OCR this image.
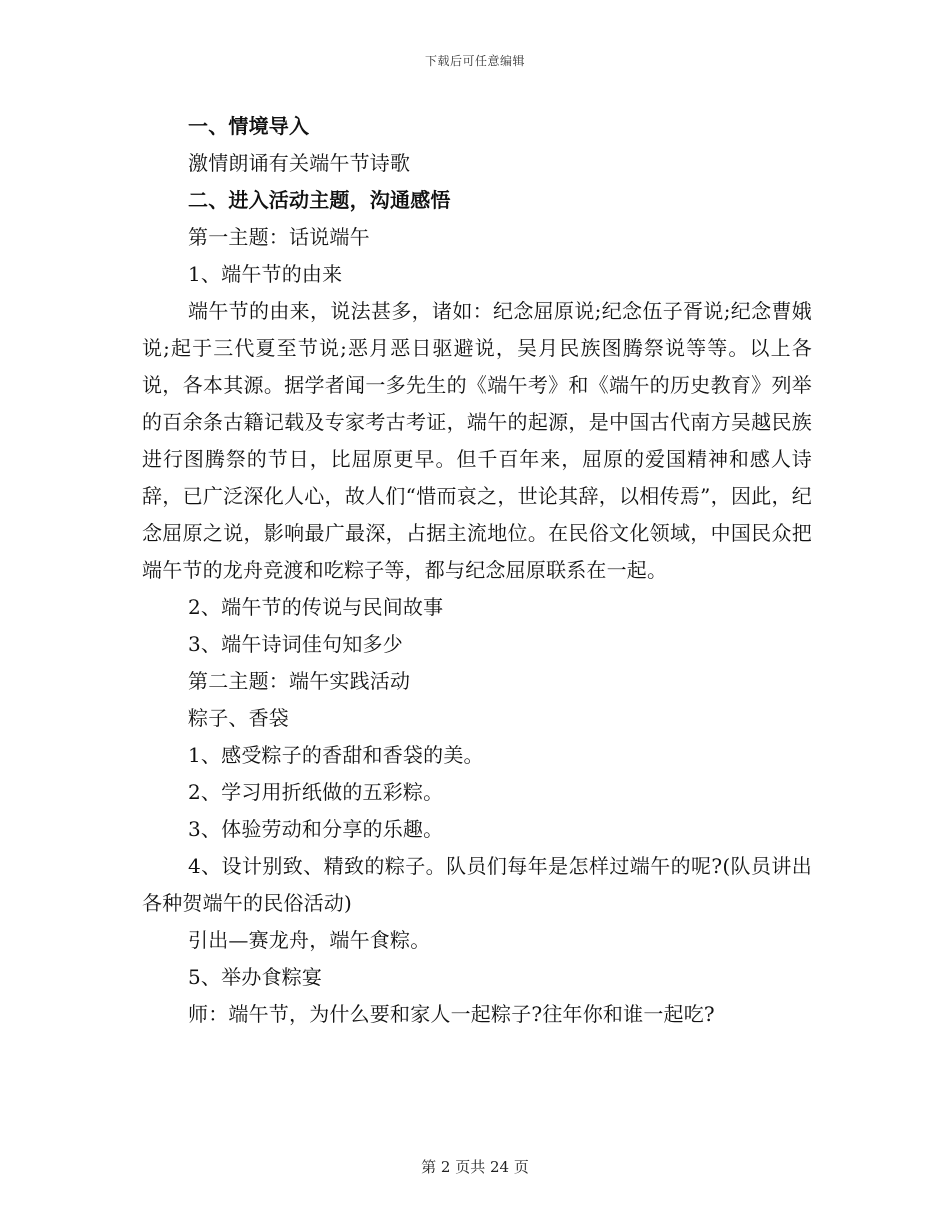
下载后可任意编辑

一、情境导入

激情朗诵有关端午节诗歌

二、进入活动主题，沟通感悟

第一主题：话说端午

1、端午节的由来

端午节的由来，说法甚多，诸如：纪念屈原说;纪念伍子胥说;纪念曹娥说;起于三代夏至节说;恶月恶日驱避说，吴月民族图腾祭说等等。以上各说，各本其源。据学者闻一多先生的《端午考》和《端午的历史教育》列举的百余条古籍记载及专家考古考证，端午的起源，是中国古代南方吴越民族进行图腾祭的节日，比屈原更早。但千百年来，屈原的爱国精神和感人诗辞，已广泛深化人心，故人们“惜而哀之，世论其辞，以相传焉”，因此，纪念屈原之说，影响最广最深，占据主流地位。在民俗文化领域，中国民众把端午节的龙舟竞渡和吃粽子等，都与纪念屈原联系在一起。

2、端午节的传说与民间故事

3、端午诗词佳句知多少

第二主题：端午实践活动

粽子、香袋

1、感受粽子的香甜和香袋的美。

2、学习用折纸做的五彩粽。

3、体验劳动和分享的乐趣。

4、设计别致、精致的粽子。队员们每年是怎样过端午的呢?(队员讲出各种贺端午的民俗活动)

引出—赛龙舟，端午食粽。

5、举办食粽宴

师：端午节，为什么要和家人一起粽子?往年你和谁一起吃?

第 2 页共 24 页
